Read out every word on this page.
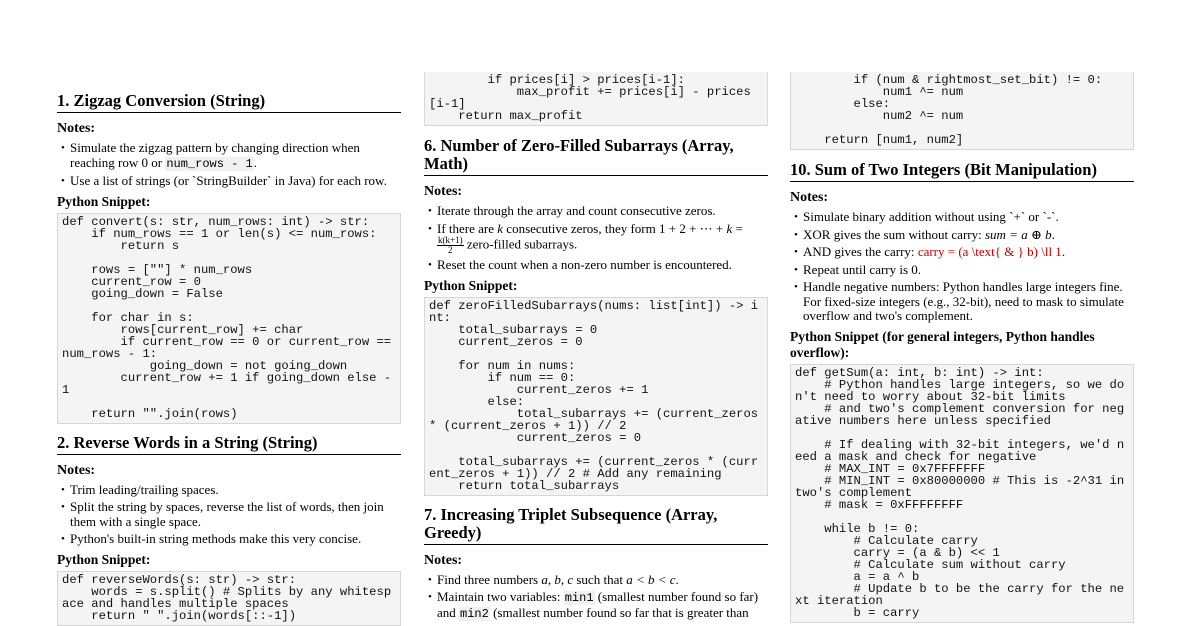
1. Zigzag Conversion (String)
Notes:
• Simulate the zigzag pattern by changing direction when reaching row 0 or num_rows - 1.
• Use a list of strings (or `StringBuilder` in Java) for each row.
Python Snippet:
def convert(s: str, num_rows: int) -> str:
if num_rows == 1 or len(s) <= num_rows:
return s

rows = [""] * num_rows
current_row = 0
going_down = False

for char in s:
rows[current_row] += char
if current_row == 0 or current_row == num_rows - 1:
going_down = not going_down
current_row += 1 if going_down else -1

return "".join(rows)
2. Reverse Words in a String (String)
Notes:
• Trim leading/trailing spaces.
• Split the string by spaces, reverse the list of words, then join them with a single space.
• Python's built-in string methods make this very concise.
Python Snippet:
def reverseWords(s: str) -> str:
words = s.split() # Splits by any whitespace and handles multiple spaces
return " ".join(words[::-1])
if prices[i] > prices[i-1]:
max_profit += prices[i] - prices[i-1]
return max_profit
6. Number of Zero-Filled Subarrays (Array, Math)
Notes:
• Iterate through the array and count consecutive zeros.
• If there are k consecutive zeros, they form 1 + 2 + ⋯ + k =
$\frac{k(k+1)}{2}$ zero-filled subarrays.
• Reset the count when a non-zero number is encountered.
Python Snippet:
def zeroFilledSubarrays(nums: list[int]) -> int:
total_subarrays = 0
current_zeros = 0

for num in nums:
if num == 0:
current_zeros += 1
else:
total_subarrays += (current_zeros * (current_zeros + 1)) // 2
current_zeros = 0

total_subarrays += (current_zeros * (current_zeros + 1)) // 2 # Add any remaining
return total_subarrays
7. Increasing Triplet Subsequence (Array, Greedy)
Notes:
• Find three numbers a, b, c such that a < b < c.
• Maintain two variables: min1 (smallest number found so far) and min2 (smallest number found so far that is greater than
if (num & rightmost_set_bit) != 0:
num1 ^= num
else:
num2 ^= num

return [num1, num2]
10. Sum of Two Integers (Bit Manipulation)
Notes:
• Simulate binary addition without using `+` or `-`.
• XOR gives the sum without carry: sum = a ⊕ b.
• AND gives the carry: carry = (a \text{ & } b) \ll 1.
• Repeat until carry is 0.
• Handle negative numbers: Python handles large integers fine. For fixed-size integers (e.g., 32-bit), need to mask to simulate overflow and two's complement.
Python Snippet (for general integers, Python handles overflow):
def getSum(a: int, b: int) -> int:
# Python handles large integers, so we don't need to worry about 32-bit limits
# and two's complement conversion for negative numbers here unless specified

# If dealing with 32-bit integers, we'd need a mask and check for negative
# MAX_INT = 0x7FFFFFFF
# MIN_INT = 0x80000000 # This is -2^31 in two's complement
# mask = 0xFFFFFFFF

while b != 0:
# Calculate carry
carry = (a & b) << 1
# Calculate sum without carry
a = a ^ b
# Update b to be the carry for the next iteration
b = carry
